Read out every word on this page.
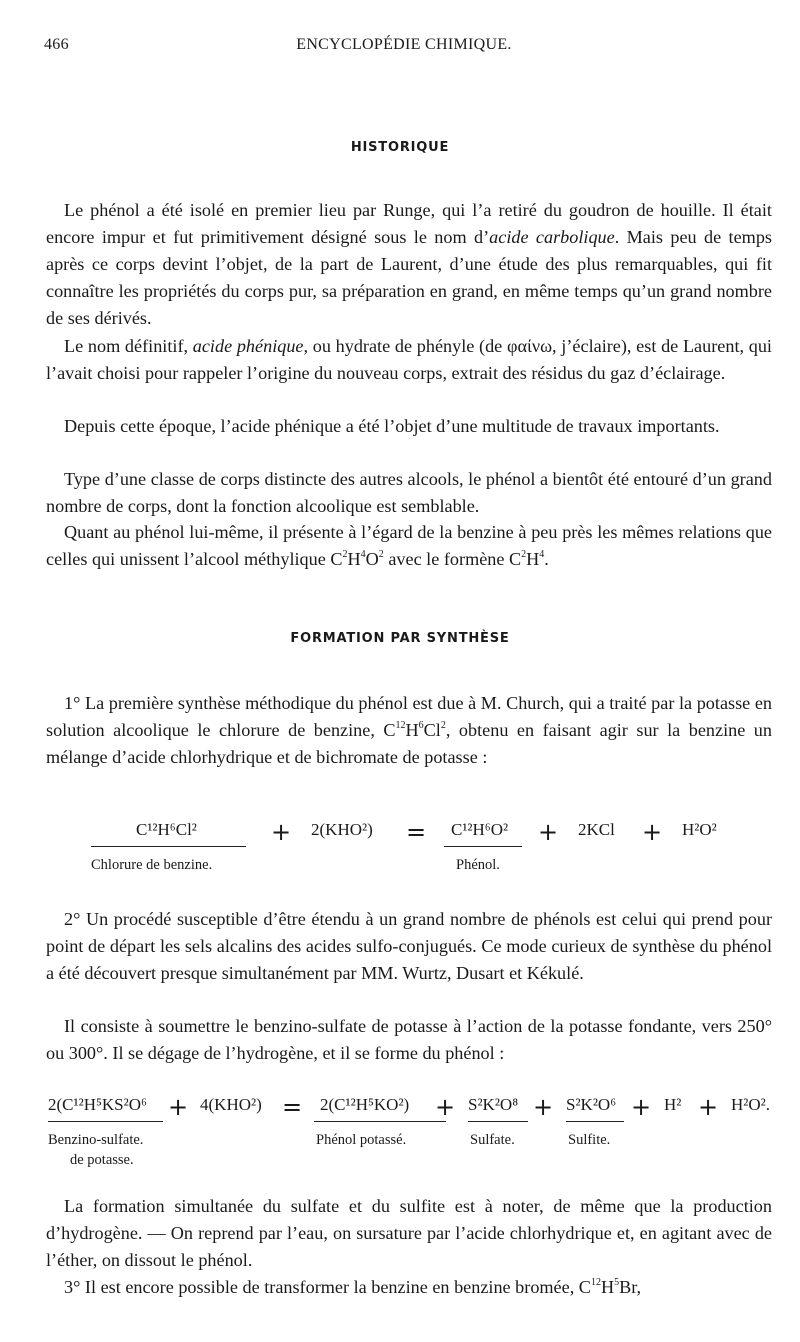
466	ENCYCLOPÉDIE CHIMIQUE.
HISTORIQUE
Le phénol a été isolé en premier lieu par Runge, qui l’a retiré du goudron de houille. Il était encore impur et fut primitivement désigné sous le nom d’acide carbolique. Mais peu de temps après ce corps devint l’objet, de la part de Laurent, d’une étude des plus remarquables, qui fit connaître les propriétés du corps pur, sa préparation en grand, en même temps qu’un grand nombre de ses dérivés.
Le nom définitif, acide phénique, ou hydrate de phényle (de φαίνω, j’éclaire), est de Laurent, qui l’avait choisi pour rappeler l’origine du nouveau corps, extrait des résidus du gaz d’éclairage.
Depuis cette époque, l’acide phénique a été l’objet d’une multitude de travaux importants.
Type d’une classe de corps distincte des autres alcools, le phénol a bientôt été entouré d’un grand nombre de corps, dont la fonction alcoolique est semblable.
Quant au phénol lui-même, il présente à l’égard de la benzine à peu près les mêmes relations que celles qui unissent l’alcool méthylique $C^2H^4O^2$ avec le formène $C^2H^4$.
FORMATION PAR SYNTHÈSE
1° La première synthèse méthodique du phénol est due à M. Church, qui a traité par la potasse en solution alcoolique le chlorure de benzine, $C^{12}H^6Cl^2$, obtenu en faisant agir sur la benzine un mélange d’acide chlorhydrique et de bichromate de potasse :
C¹²H⁶Cl²	+ 2(KHO²) = C¹²H⁶O² + 2KCl + H²O²
Chlorure de benzine.	Phénol.
2° Un procédé susceptible d’être étendu à un grand nombre de phénols est celui qui prend pour point de départ les sels alcalins des acides sulfo-conjugués. Ce mode curieux de synthèse du phénol a été découvert presque simultanément par MM. Wurtz, Dusart et Kékulé.
Il consiste à soumettre le benzino-sulfate de potasse à l’action de la potasse fondante, vers 250° ou 300°. Il se dégage de l’hydrogène, et il se forme du phénol :
2(C¹²H⁵KS²O⁶ + 4(KHO²) = 2(C¹²H⁵KO²) + S²K²O⁸ + S²K²O⁶ + H² + H²O².
Benzino-sulfate.
de potasse.
Phénol potassé.	Sulfate.	Sulfite.
La formation simultanée du sulfate et du sulfite est à noter, de même que la production d’hydrogène. — On reprend par l’eau, on sursature par l’acide chlorhydrique et, en agitant avec de l’éther, on dissout le phénol.
3° Il est encore possible de transformer la benzine en benzine bromée, $C^{12}H^5Br$,
